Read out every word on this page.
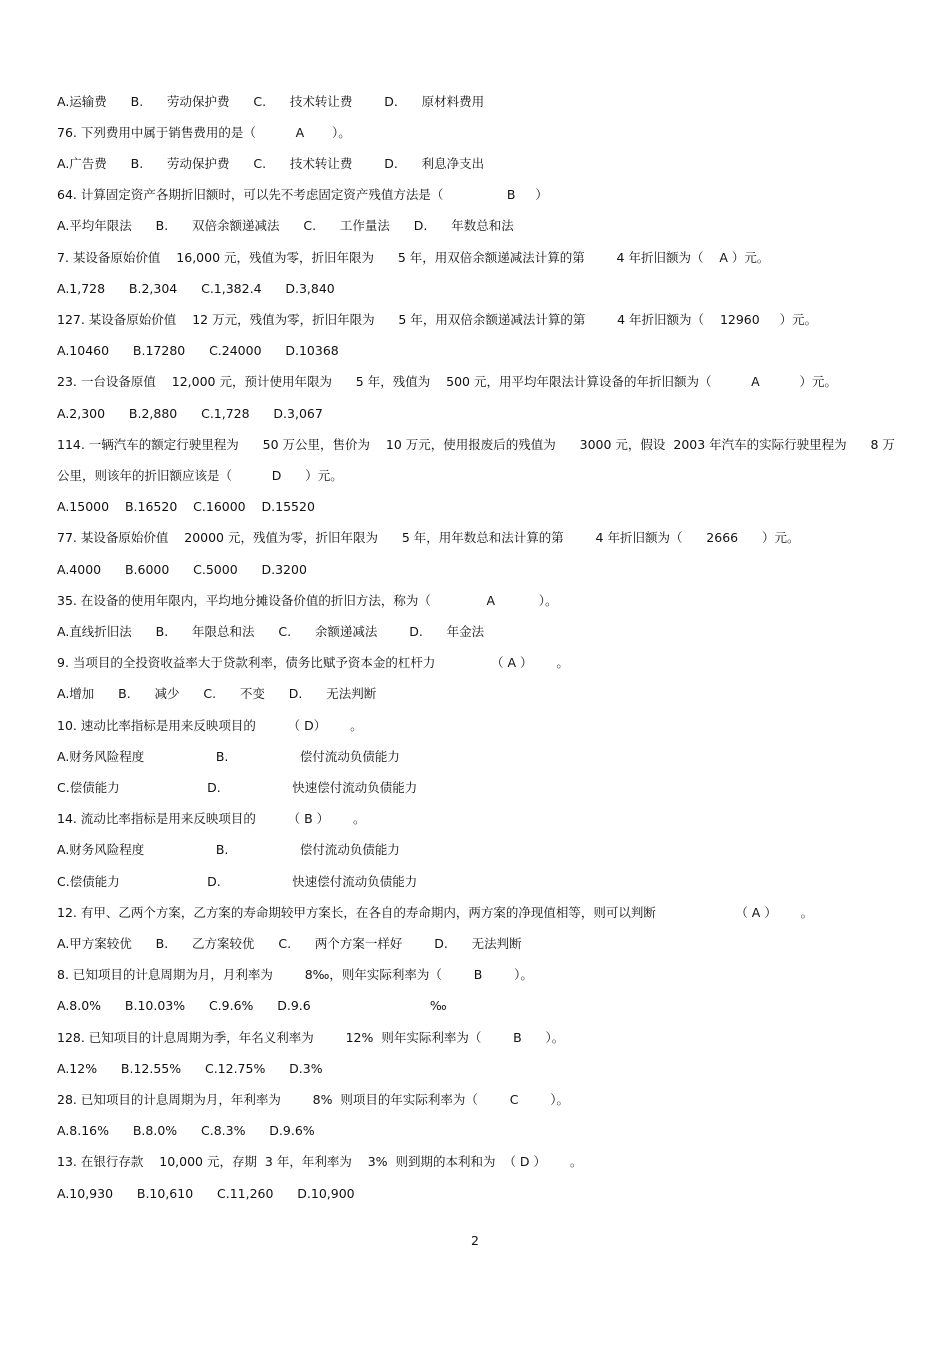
A.运输费      B.      劳动保护费      C.      技术转让费        D.      原材料费用

76. 下列费用中属于销售费用的是（          A       ）。

A.广告费      B.      劳动保护费      C.      技术转让费        D.      利息净支出

64. 计算固定资产各期折旧额时，可以先不考虑固定资产残值方法是（                B     ）

A.平均年限法      B.      双倍余额递减法      C.      工作量法      D.      年数总和法

7. 某设备原始价值    16,000 元，残值为零，折旧年限为      5 年，用双倍余额递减法计算的第        4 年折旧额为（    A ）元。

A.1,728      B.2,304      C.1,382.4      D.3,840

127. 某设备原始价值    12 万元，残值为零，折旧年限为      5 年，用双倍余额递减法计算的第        4 年折旧额为（    12960     ）元。

A.10460      B.17280      C.24000      D.10368

23. 一台设备原值    12,000 元，预计使用年限为      5 年，残值为    500 元，用平均年限法计算设备的年折旧额为（          A          ）元。

A.2,300      B.2,880      C.1,728      D.3,067

114. 一辆汽车的额定行驶里程为      50 万公里，售价为    10 万元，使用报废后的残值为      3000 元，假设  2003 年汽车的实际行驶里程为      8 万

公里，则该年的折旧额应该是（          D      ）元。

A.15000    B.16520    C.16000    D.15520

77. 某设备原始价值    20000 元，残值为零，折旧年限为      5 年，用年数总和法计算的第        4 年折旧额为（      2666      ）元。

A.4000      B.6000      C.5000      D.3200

35. 在设备的使用年限内，平均地分摊设备价值的折旧方法，称为（              A           ）。

A.直线折旧法      B.      年限总和法      C.      余额递减法        D.      年金法

9. 当项目的全投资收益率大于贷款利率，债务比赋予资本金的杠杆力              （ A ）      。

A.增加      B.      减少      C.      不变      D.      无法判断

10. 速动比率指标是用来反映项目的        （ D）      。

A.财务风险程度                  B.                  偿付流动负债能力

C.偿债能力                      D.                  快速偿付流动负债能力

14. 流动比率指标是用来反映项目的        （ B ）      。

A.财务风险程度                  B.                  偿付流动负债能力

C.偿债能力                      D.                  快速偿付流动负债能力

12. 有甲、乙两个方案，乙方案的寿命期较甲方案长，在各自的寿命期内，两方案的净现值相等，则可以判断                    （ A ）      。

A.甲方案较优      B.      乙方案较优      C.      两个方案一样好        D.      无法判断

8. 已知项目的计息周期为月，月利率为        8‰，则年实际利率为（        B        ）。

A.8.0%      B.10.03%      C.9.6%      D.9.6                              ‰

128. 已知项目的计息周期为季，年名义利率为        12%  则年实际利率为（        B      ）。

A.12%      B.12.55%      C.12.75%      D.3%

28. 已知项目的计息周期为月，年利率为        8%  则项目的年实际利率为（        C        ）。

A.8.16%      B.8.0%      C.8.3%      D.9.6%

13. 在银行存款    10,000 元，存期  3 年，年利率为    3%  则到期的本利和为  （ D ）      。

A.10,930      B.10,610      C.11,260      D.10,900

2
